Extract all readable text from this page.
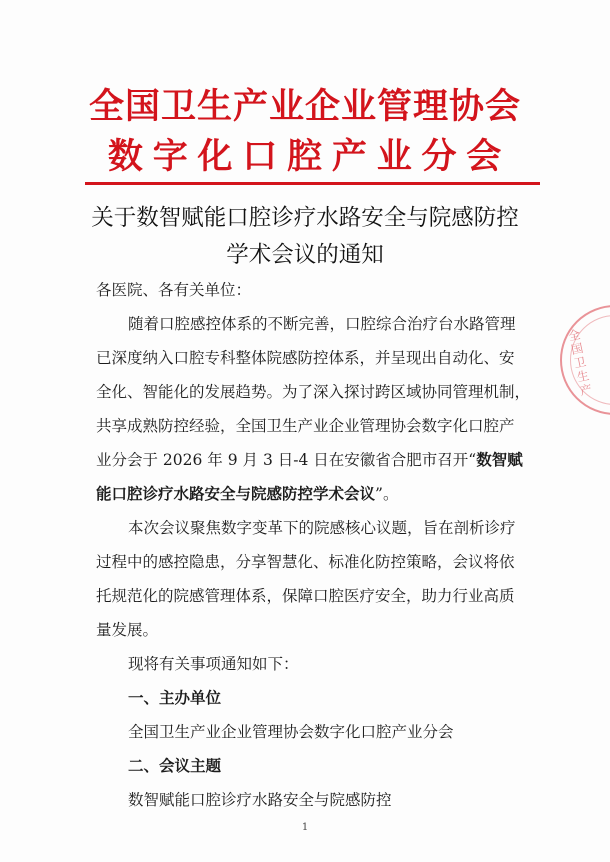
全国卫生产业企业管理协会
数字化口腔产业分会
关于数智赋能口腔诊疗水路安全与院感防控
学术会议的通知
各医院、各有关单位：
随着口腔感控体系的不断完善，口腔综合治疗台水路管理
已深度纳入口腔专科整体院感防控体系，并呈现出自动化、安
全化、智能化的发展趋势。为了深入探讨跨区域协同管理机制，
共享成熟防控经验，全国卫生产业企业管理协会数字化口腔产
业分会于 2026 年 9 月 3 日-4 日在安徽省合肥市召开“数智赋
能口腔诊疗水路安全与院感防控学术会议”。
本次会议聚焦数字变革下的院感核心议题，旨在剖析诊疗
过程中的感控隐患，分享智慧化、标准化防控策略，会议将依
托规范化的院感管理体系，保障口腔医疗安全，助力行业高质
量发展。
现将有关事项通知如下：
一、主办单位
全国卫生产业企业管理协会数字化口腔产业分会
二、会议主题
数智赋能口腔诊疗水路安全与院感防控
全国卫生产
1
